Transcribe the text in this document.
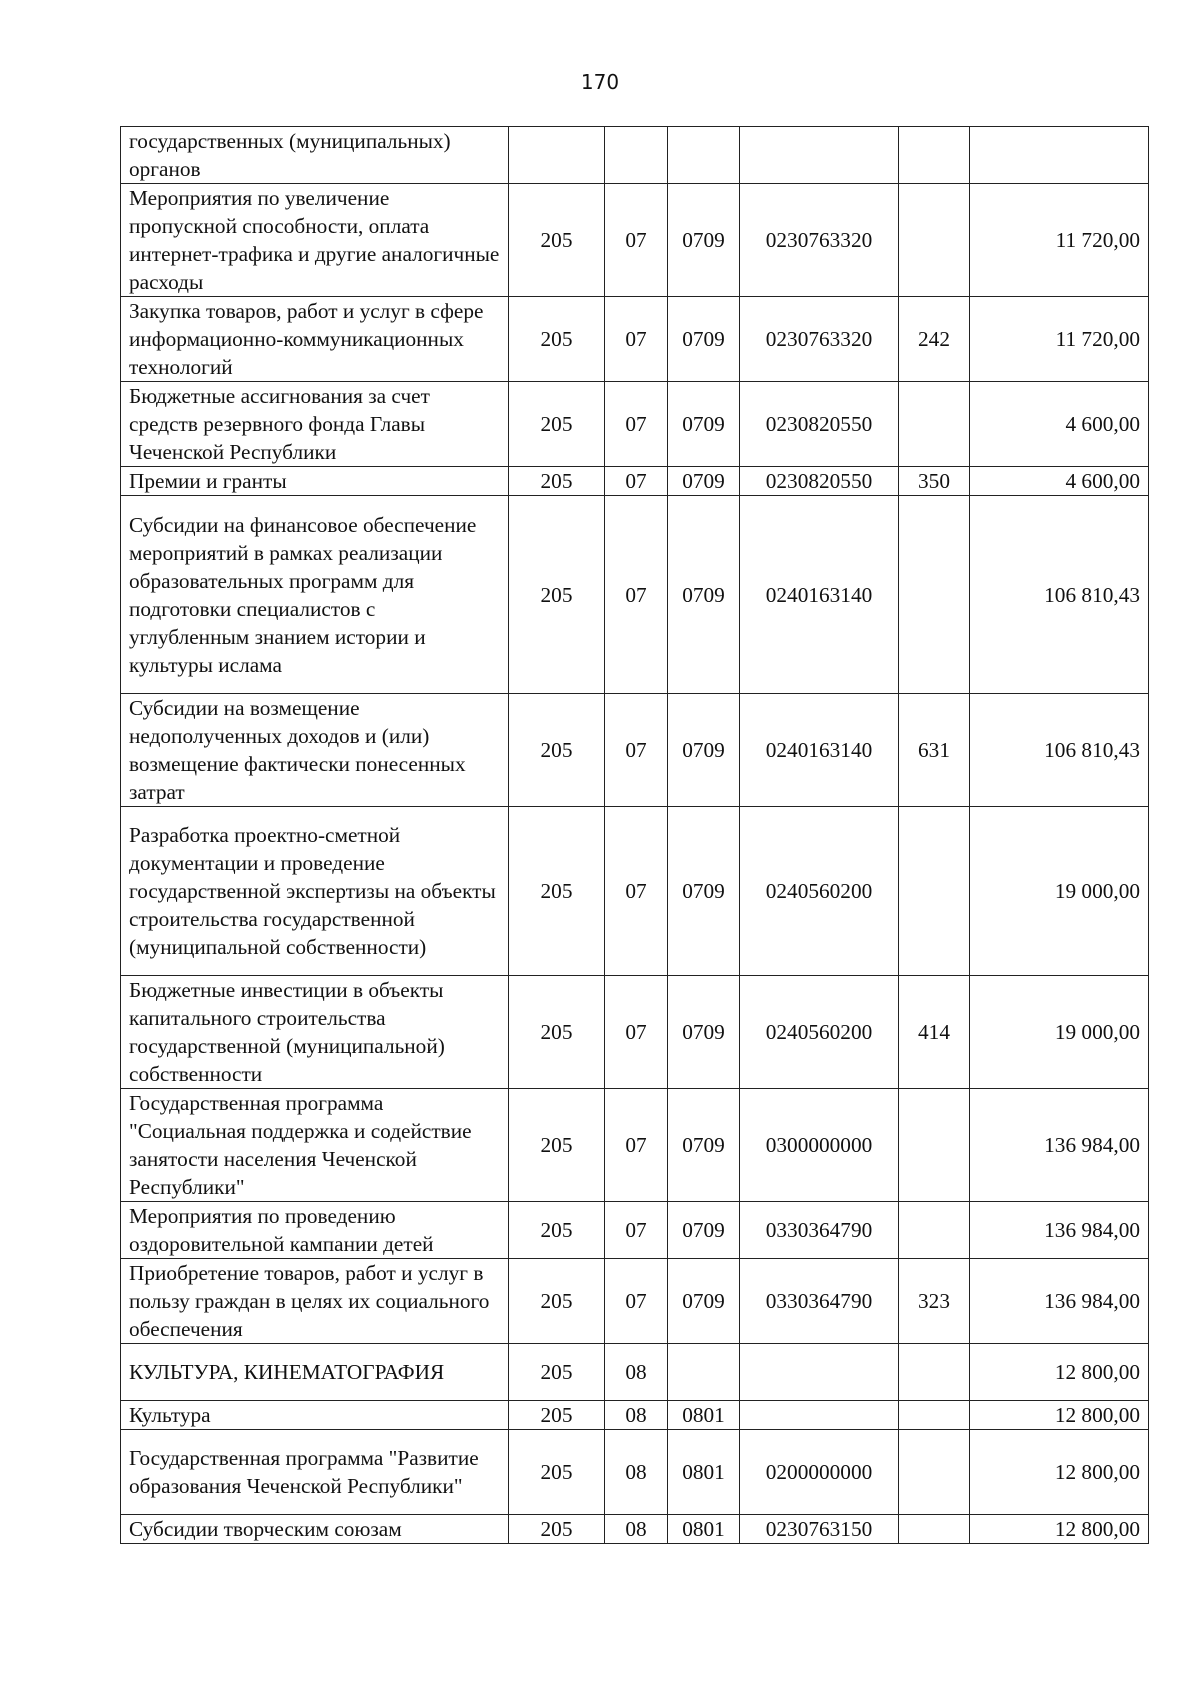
170
государственных (муниципальных) органов						
Мероприятия по увеличение пропускной способности, оплата интернет-трафика и другие аналогичные расходы	205	07	0709	0230763320		11 720,00
Закупка товаров, работ и услуг в сфере информационно-коммуникационных технологий	205	07	0709	0230763320	242	11 720,00
Бюджетные ассигнования за счет средств резервного фонда Главы Чеченской Республики	205	07	0709	0230820550		4 600,00
Премии и гранты	205	07	0709	0230820550	350	4 600,00
Субсидии на финансовое обеспечение мероприятий в рамках реализации образовательных программ для подготовки специалистов с углубленным знанием истории и культуры ислама	205	07	0709	0240163140		106 810,43
Субсидии на возмещение недополученных доходов и (или) возмещение фактически понесенных затрат	205	07	0709	0240163140	631	106 810,43
Разработка проектно-сметной документации и проведение государственной экспертизы на объекты строительства государственной (муниципальной собственности)	205	07	0709	0240560200		19 000,00
Бюджетные инвестиции в объекты капитального строительства государственной (муниципальной) собственности	205	07	0709	0240560200	414	19 000,00
Государственная программа "Социальная поддержка и содействие занятости населения Чеченской Республики"	205	07	0709	0300000000		136 984,00
Мероприятия по проведению оздоровительной кампании детей	205	07	0709	0330364790		136 984,00
Приобретение товаров, работ и услуг в пользу граждан в целях их социального обеспечения	205	07	0709	0330364790	323	136 984,00
КУЛЬТУРА, КИНЕМАТОГРАФИЯ	205	08				12 800,00
Культура	205	08	0801			12 800,00
Государственная программа "Развитие образования Чеченской Республики"	205	08	0801	0200000000		12 800,00
Субсидии творческим союзам	205	08	0801	0230763150		12 800,00
